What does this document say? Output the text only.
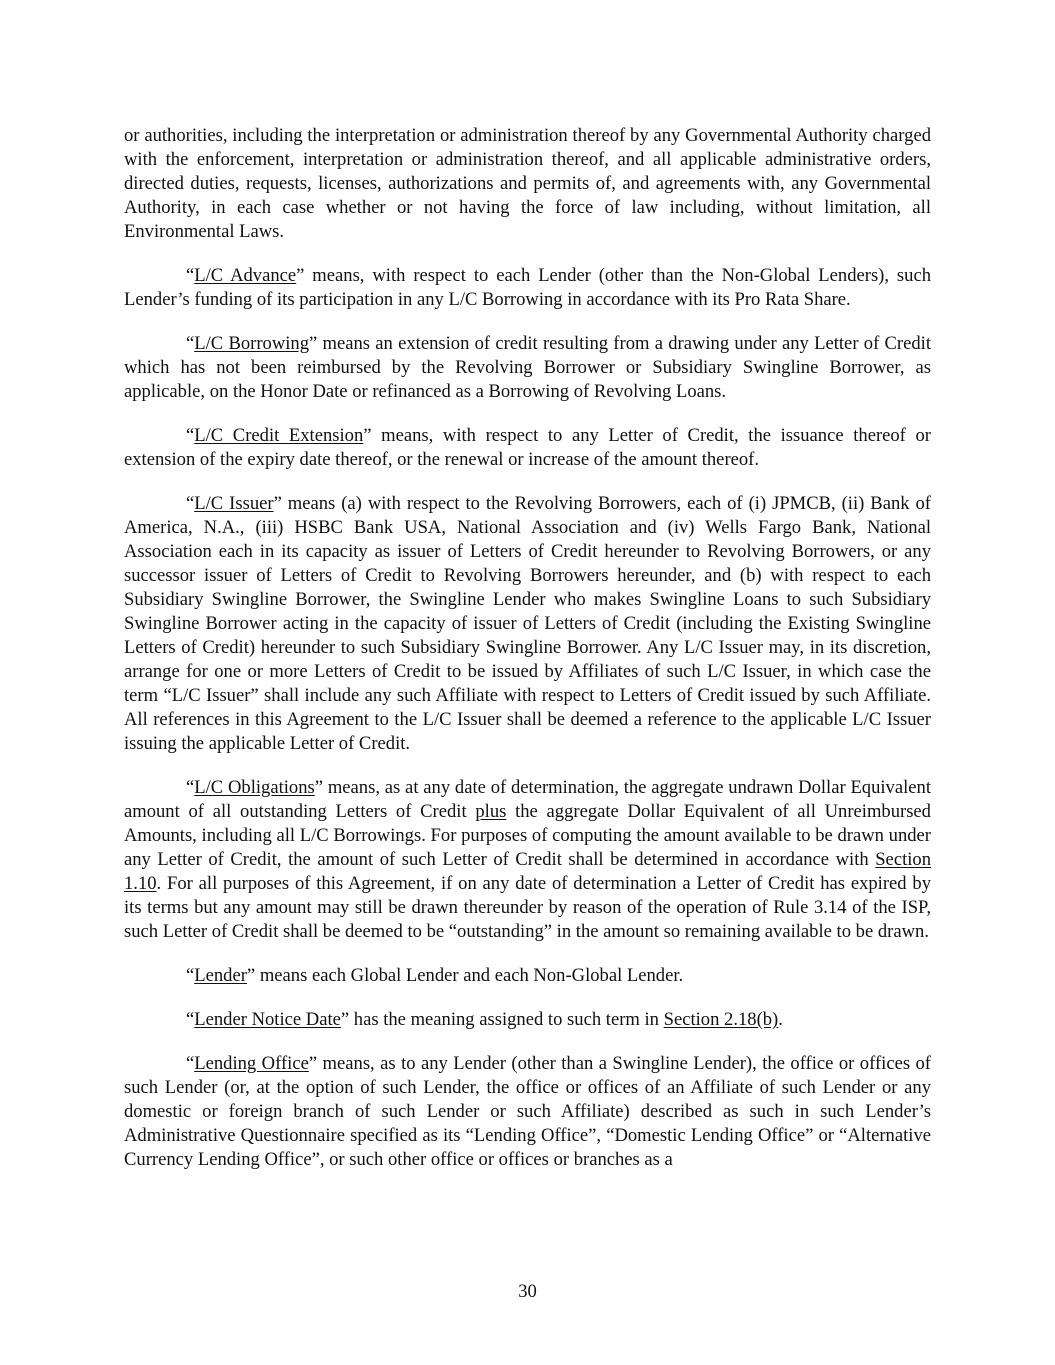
or authorities, including the interpretation or administration thereof by any Governmental Authority charged with the enforcement, interpretation or administration thereof, and all applicable administrative orders, directed duties, requests, licenses, authorizations and permits of, and agreements with, any Governmental Authority, in each case whether or not having the force of law including, without limitation, all Environmental Laws.

“L/C Advance” means, with respect to each Lender (other than the Non-Global Lenders), such Lender’s funding of its participation in any L/C Borrowing in accordance with its Pro Rata Share.

“L/C Borrowing” means an extension of credit resulting from a drawing under any Letter of Credit which has not been reimbursed by the Revolving Borrower or Subsidiary Swingline Borrower, as applicable, on the Honor Date or refinanced as a Borrowing of Revolving Loans.

“L/C Credit Extension” means, with respect to any Letter of Credit, the issuance thereof or extension of the expiry date thereof, or the renewal or increase of the amount thereof.

“L/C Issuer” means (a) with respect to the Revolving Borrowers, each of (i) JPMCB, (ii) Bank of America, N.A., (iii) HSBC Bank USA, National Association and (iv) Wells Fargo Bank, National Association each in its capacity as issuer of Letters of Credit hereunder to Revolving Borrowers, or any successor issuer of Letters of Credit to Revolving Borrowers hereunder, and (b) with respect to each Subsidiary Swingline Borrower, the Swingline Lender who makes Swingline Loans to such Subsidiary Swingline Borrower acting in the capacity of issuer of Letters of Credit (including the Existing Swingline Letters of Credit) hereunder to such Subsidiary Swingline Borrower. Any L/C Issuer may, in its discretion, arrange for one or more Letters of Credit to be issued by Affiliates of such L/C Issuer, in which case the term “L/C Issuer” shall include any such Affiliate with respect to Letters of Credit issued by such Affiliate. All references in this Agreement to the L/C Issuer shall be deemed a reference to the applicable L/C Issuer issuing the applicable Letter of Credit.

“L/C Obligations” means, as at any date of determination, the aggregate undrawn Dollar Equivalent amount of all outstanding Letters of Credit plus the aggregate Dollar Equivalent of all Unreimbursed Amounts, including all L/C Borrowings. For purposes of computing the amount available to be drawn under any Letter of Credit, the amount of such Letter of Credit shall be determined in accordance with Section 1.10. For all purposes of this Agreement, if on any date of determination a Letter of Credit has expired by its terms but any amount may still be drawn thereunder by reason of the operation of Rule 3.14 of the ISP, such Letter of Credit shall be deemed to be “outstanding” in the amount so remaining available to be drawn.

“Lender” means each Global Lender and each Non-Global Lender.

“Lender Notice Date” has the meaning assigned to such term in Section 2.18(b).

“Lending Office” means, as to any Lender (other than a Swingline Lender), the office or offices of such Lender (or, at the option of such Lender, the office or offices of an Affiliate of such Lender or any domestic or foreign branch of such Lender or such Affiliate) described as such in such Lender’s Administrative Questionnaire specified as its “Lending Office”, “Domestic Lending Office” or “Alternative Currency Lending Office”, or such other office or offices or branches as a

30
